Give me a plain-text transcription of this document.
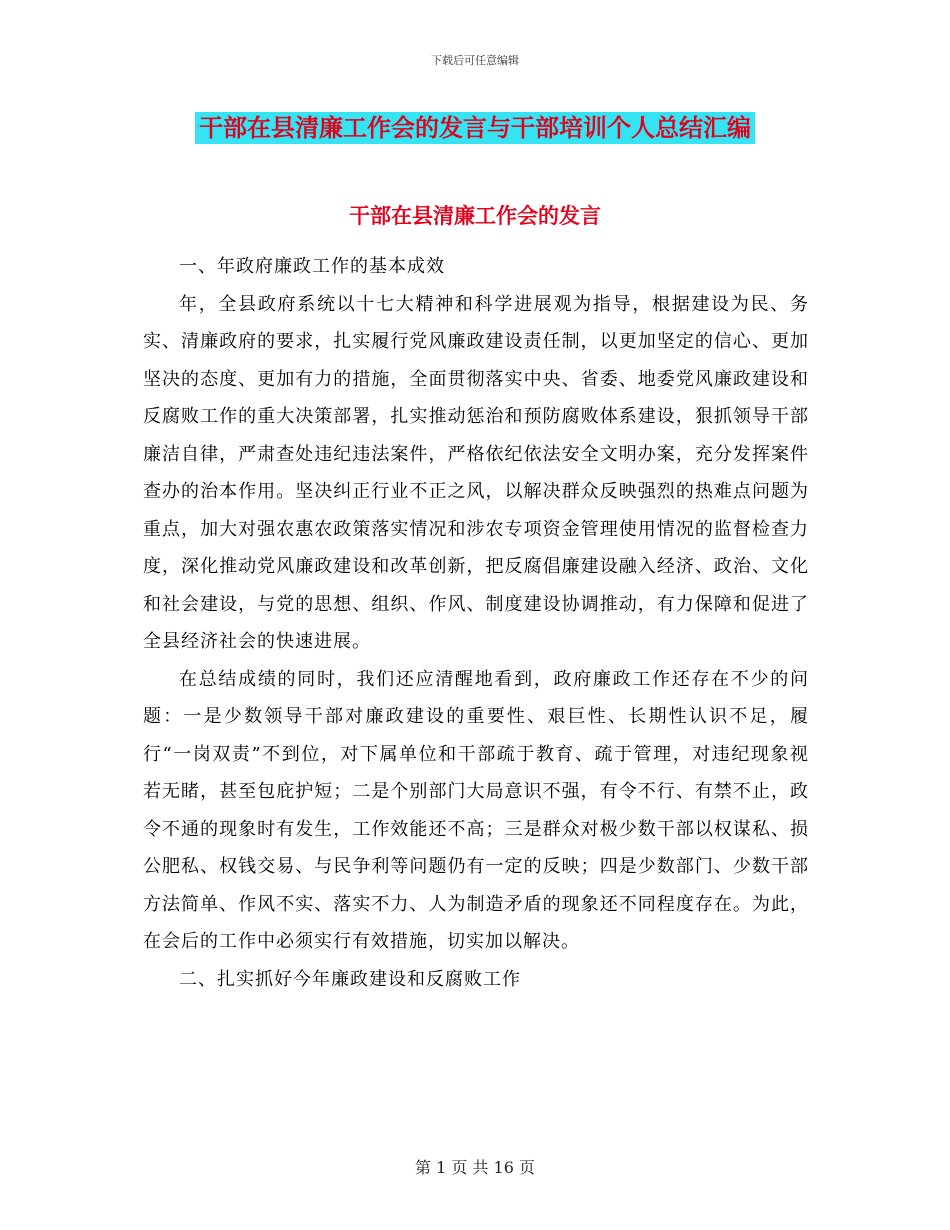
下载后可任意编辑
干部在县清廉工作会的发言与干部培训个人总结汇编
干部在县清廉工作会的发言

一、年政府廉政工作的基本成效

年，全县政府系统以十七大精神和科学进展观为指导，根据建设为民、务实、清廉政府的要求，扎实履行党风廉政建设责任制，以更加坚定的信心、更加坚决的态度、更加有力的措施，全面贯彻落实中央、省委、地委党风廉政建设和反腐败工作的重大决策部署，扎实推动惩治和预防腐败体系建设，狠抓领导干部廉洁自律，严肃查处违纪违法案件，严格依纪依法安全文明办案，充分发挥案件查办的治本作用。坚决纠正行业不正之风，以解决群众反映强烈的热难点问题为重点，加大对强农惠农政策落实情况和涉农专项资金管理使用情况的监督检查力度，深化推动党风廉政建设和改革创新，把反腐倡廉建设融入经济、政治、文化和社会建设，与党的思想、组织、作风、制度建设协调推动，有力保障和促进了全县经济社会的快速进展。

在总结成绩的同时，我们还应清醒地看到，政府廉政工作还存在不少的问题：一是少数领导干部对廉政建设的重要性、艰巨性、长期性认识不足，履行“一岗双责”不到位，对下属单位和干部疏于教育、疏于管理，对违纪现象视若无睹，甚至包庇护短；二是个别部门大局意识不强，有令不行、有禁不止，政令不通的现象时有发生，工作效能还不高；三是群众对极少数干部以权谋私、损公肥私、权钱交易、与民争利等问题仍有一定的反映；四是少数部门、少数干部方法简单、作风不实、落实不力、人为制造矛盾的现象还不同程度存在。为此，在会后的工作中必须实行有效措施，切实加以解决。

二、扎实抓好今年廉政建设和反腐败工作

第 1 页 共 16 页
